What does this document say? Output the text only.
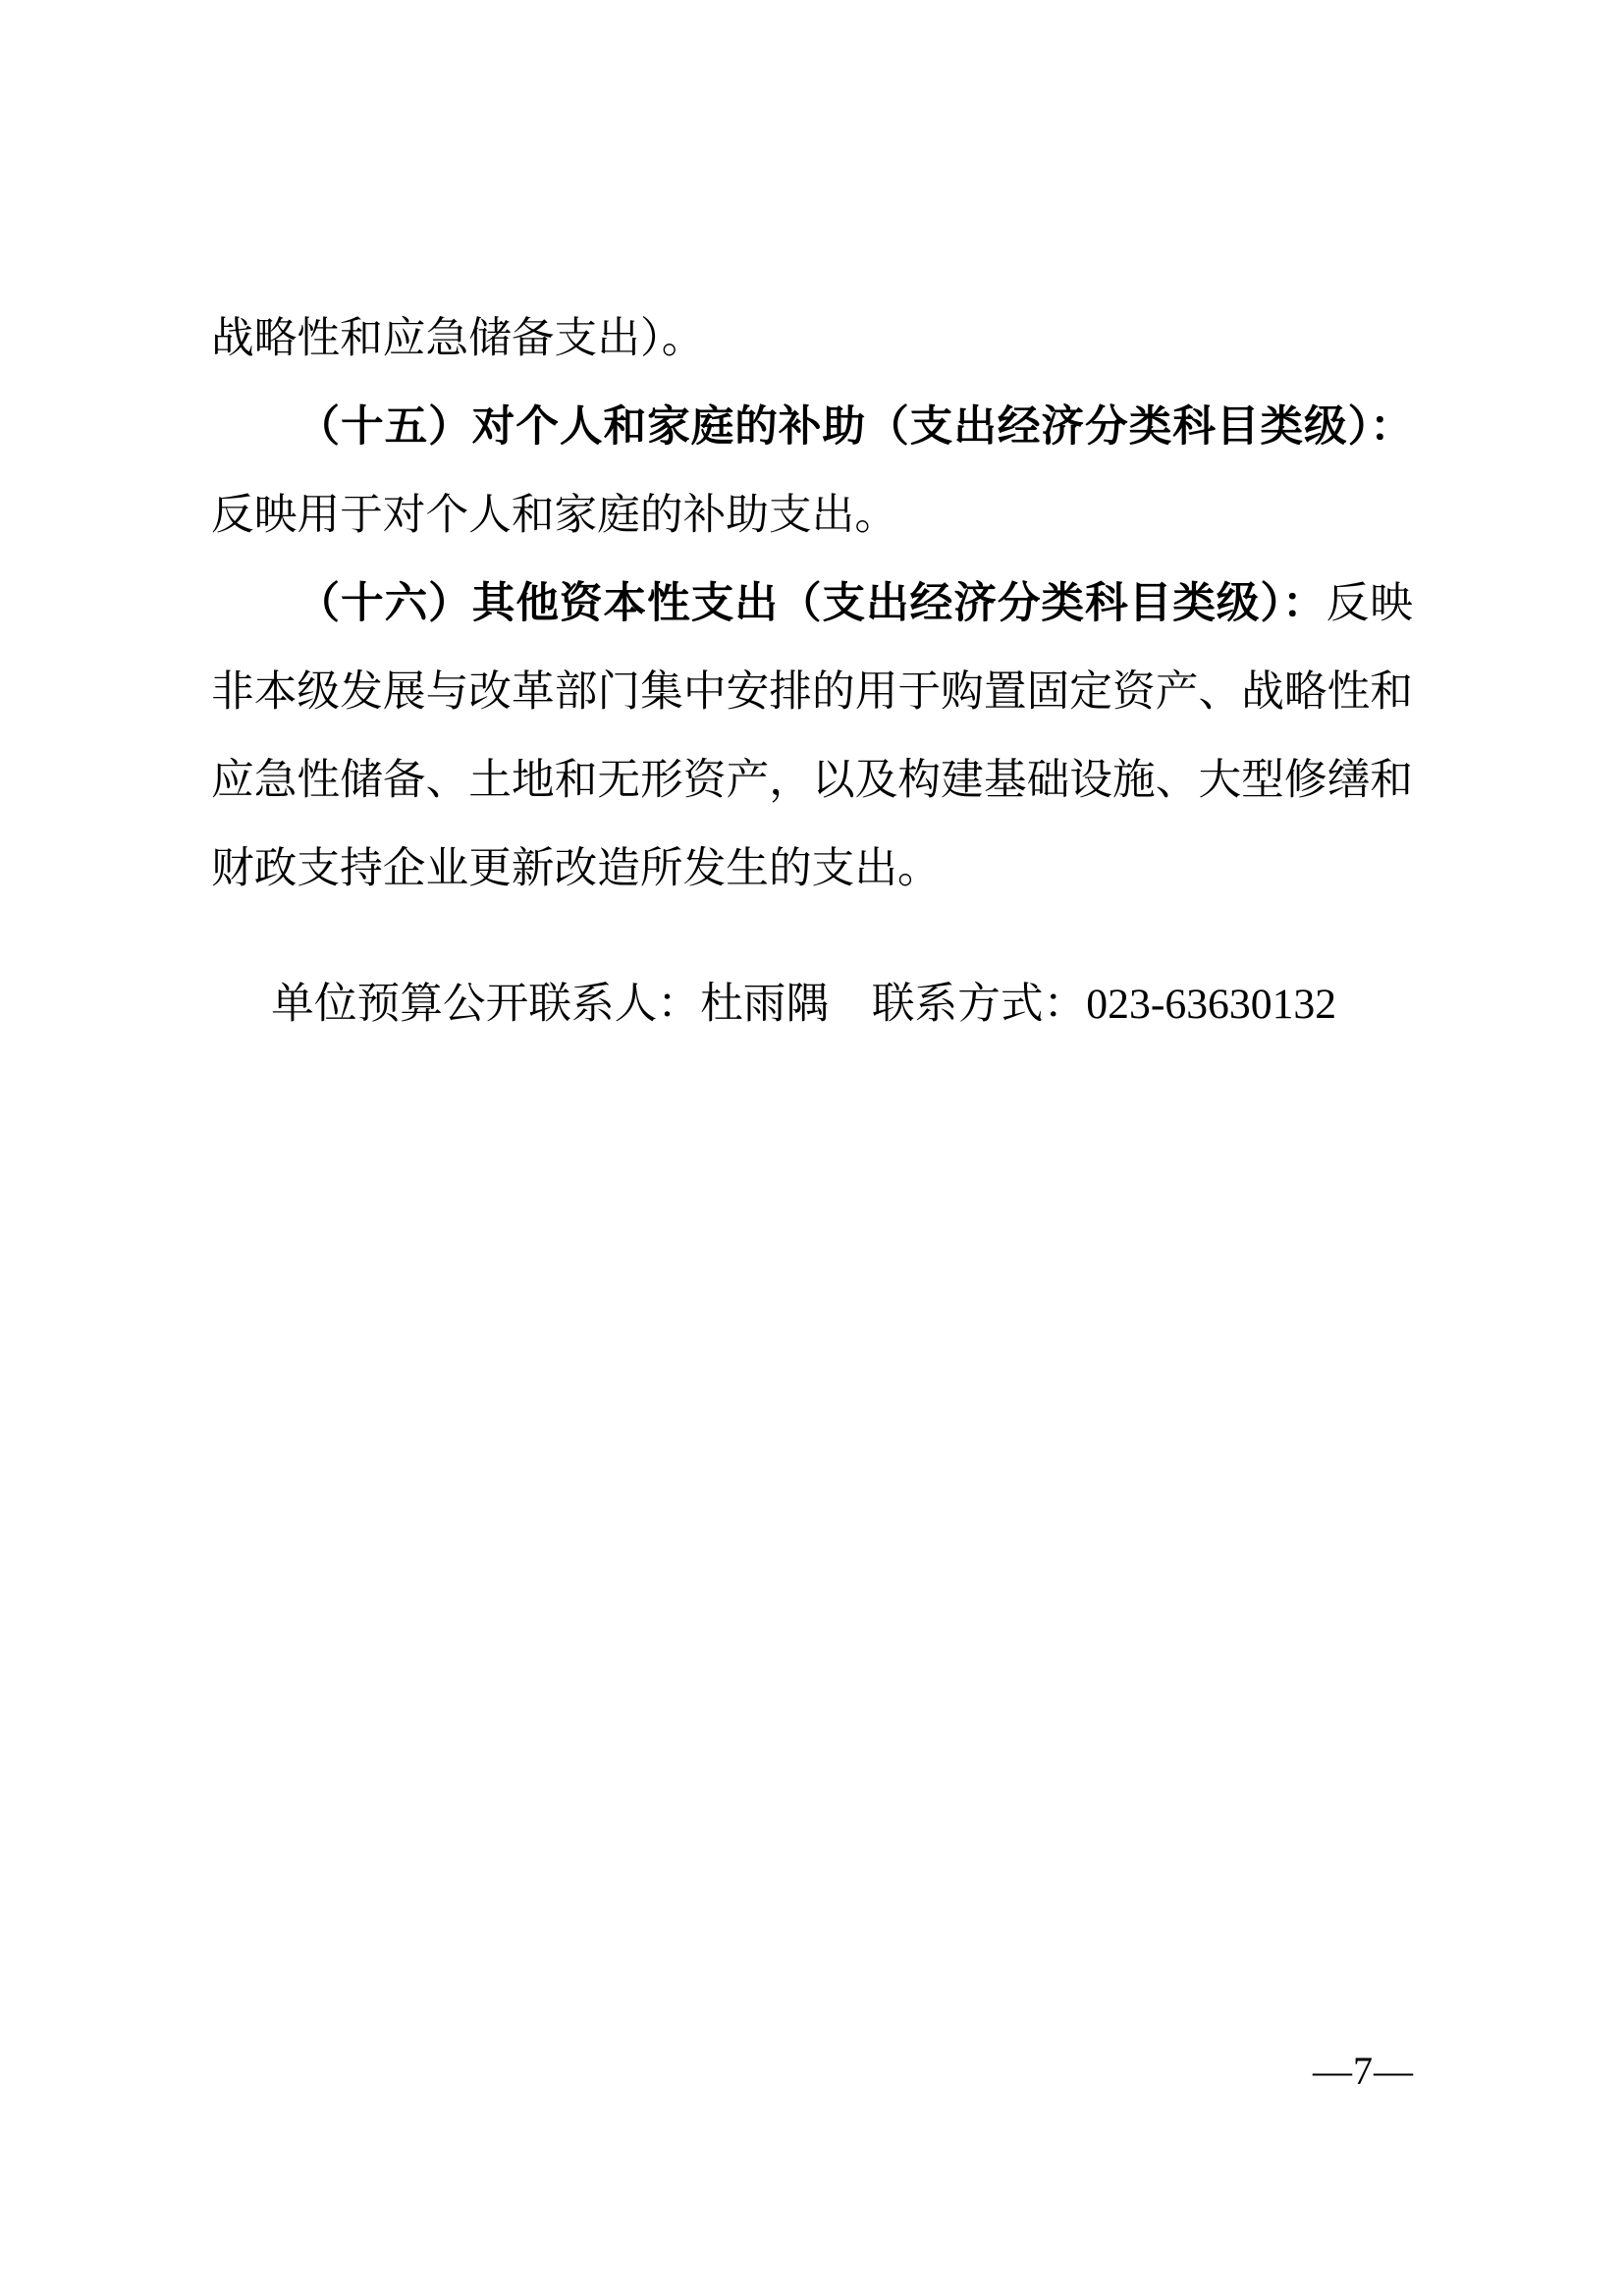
战略性和应急储备支出）。

（十五）对个人和家庭的补助（支出经济分类科目类级）：反映用于对个人和家庭的补助支出。

（十六）其他资本性支出（支出经济分类科目类级）：反映非本级发展与改革部门集中安排的用于购置固定资产、战略性和应急性储备、土地和无形资产，以及构建基础设施、大型修缮和财政支持企业更新改造所发生的支出。

单位预算公开联系人：杜雨隅 联系方式：023-63630132

—7—
